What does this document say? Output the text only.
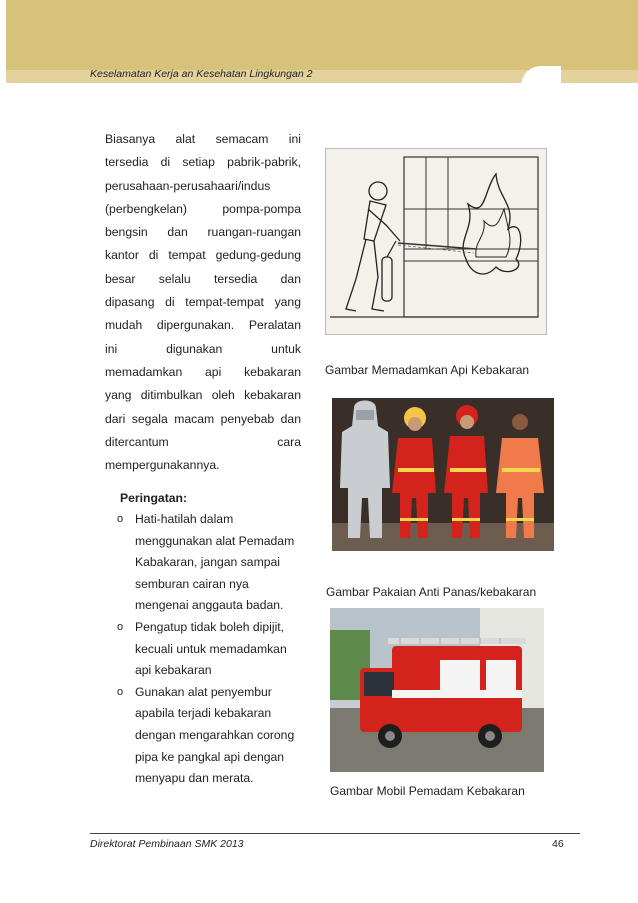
Keselamatan Kerja an Kesehatan Lingkungan 2

Biasanya alat semacam ini

tersedia di setiap pabrik-pabrik,

perusahaan-perusahaari/indus

(perbengkelan) pompa-pompa

bengsin dan ruangan-ruangan

kantor di tempat gedung-gedung

besar selalu tersedia dan

dipasang di tempat-tempat yang

mudah dipergunakan. Peralatan

ini digunakan untuk

memadamkan api kebakaran

yang ditimbulkan oleh kebakaran

dari segala macam penyebab dan

ditercantum cara

mempergunakannya.

Peringatan:
o Hati-hatilah dalam
menggunakan alat Pemadam
Kabakaran, jangan sampai
semburan cairan nya
mengenai anggauta badan.
o Pengatup tidak boleh dipijit,
kecuali untuk memadamkan
api kebakaran
o Gunakan alat penyembur
apabila terjadi kebakaran
dengan mengarahkan corong
pipa ke pangkal api dengan
menyapu dan merata.
Gambar Memadamkan Api Kebakaran
Gambar Pakaian Anti Panas/kebakaran
Gambar Mobil Pemadam Kebakaran
Direktorat Pembinaan SMK 2013	46
